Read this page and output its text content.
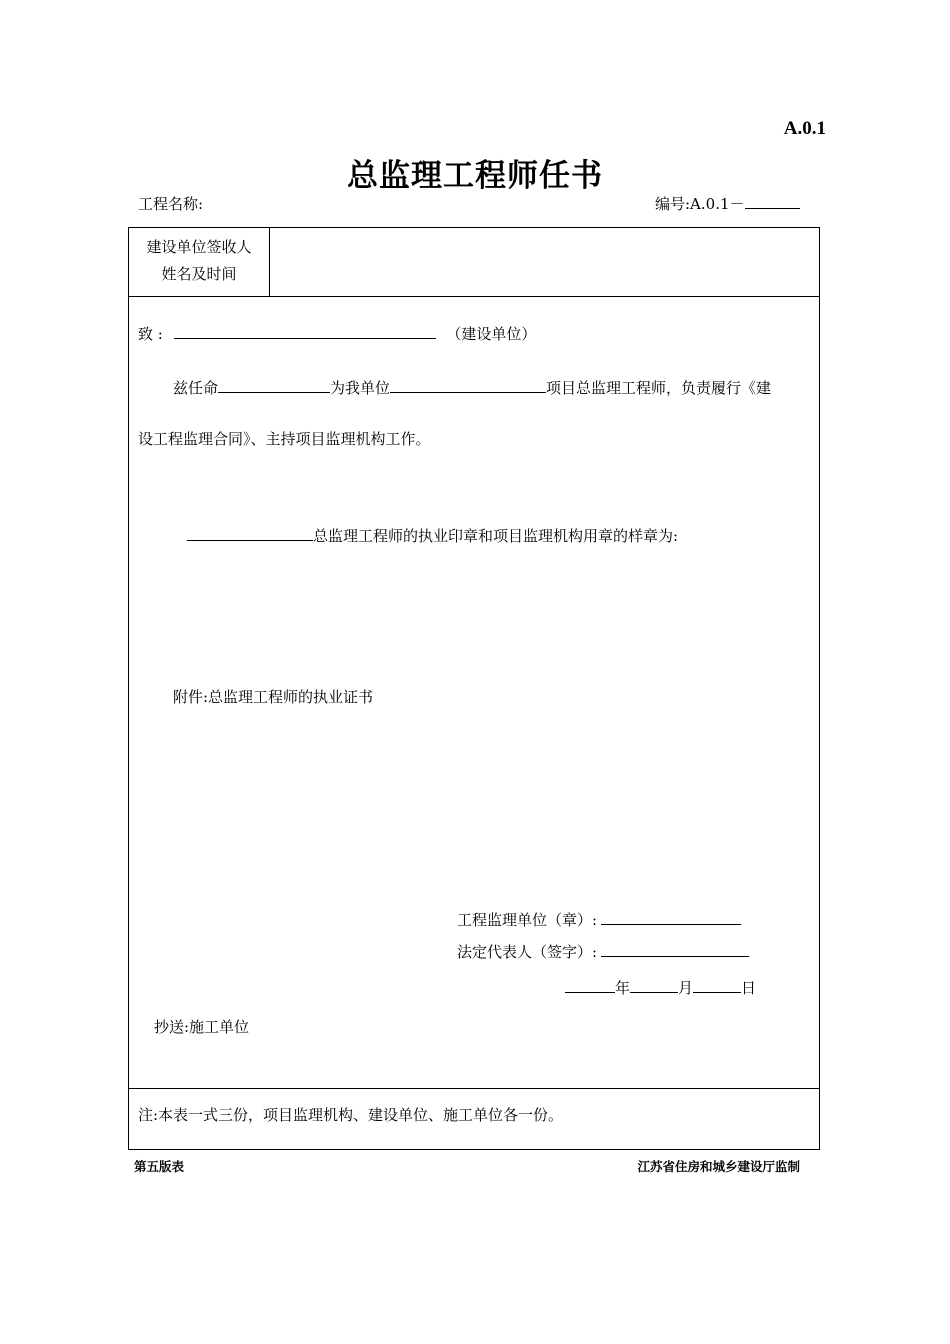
A.0.1
总监理工程师任书
工程名称:	编号:A.0.1－
建设单位签收人
姓名及时间
致 :	（建设单位）
兹任命	为我单位	项目总监理工程师，负责履行《建
设工程监理合同》、主持项目监理机构工作。
总监理工程师的执业印章和项目监理机构用章的样章为:
附件:总监理工程师的执业证书
工程监理单位（章）:
法定代表人（签字）:
年	月	日
抄送:施工单位
注:本表一式三份，项目监理机构、建设单位、施工单位各一份。
第五版表	江苏省住房和城乡建设厅监制
